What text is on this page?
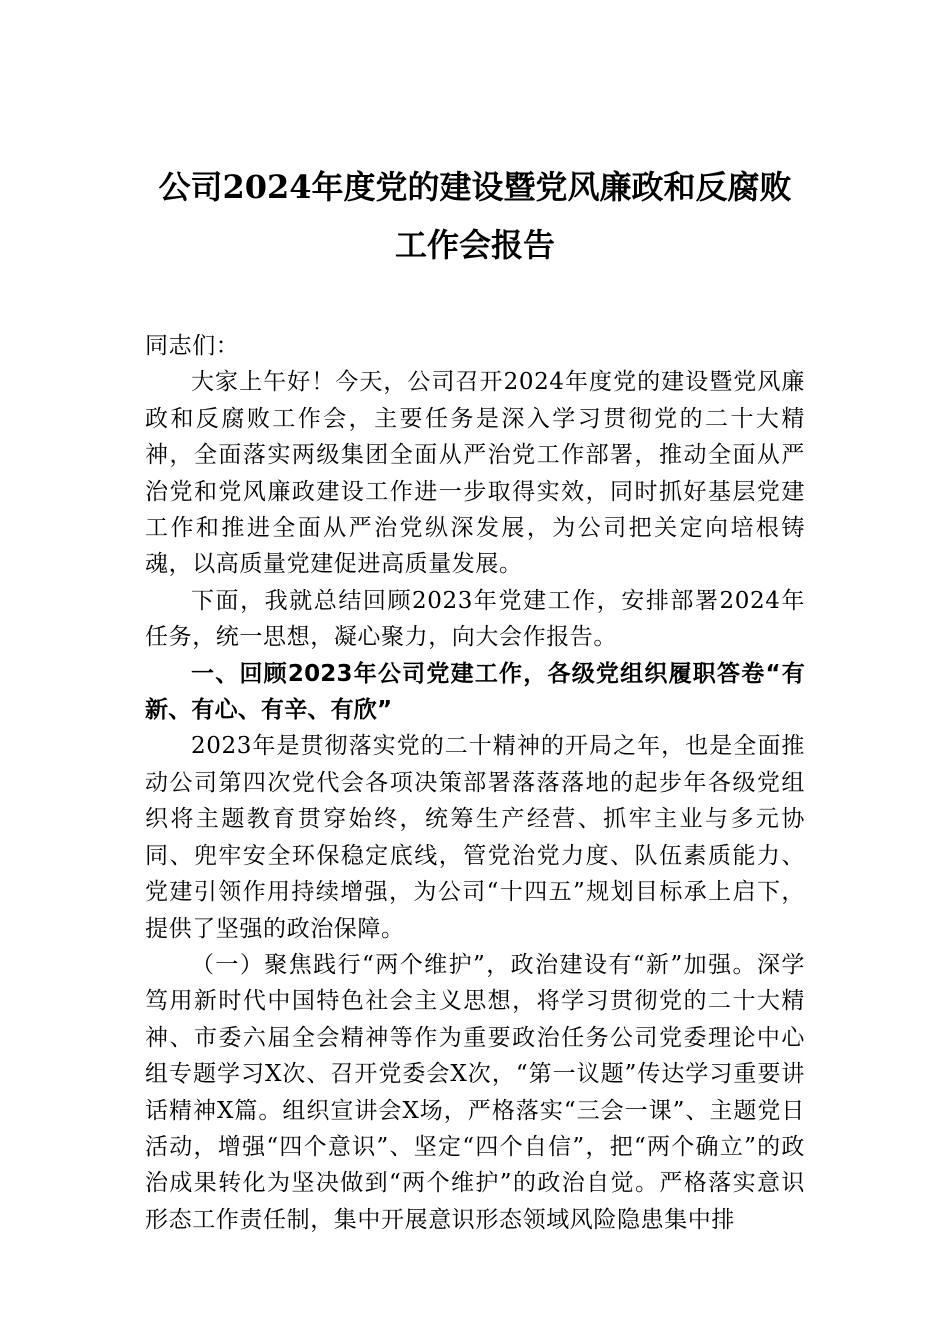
公司2024年度党的建设暨党风廉政和反腐败工作会报告

同志们：

大家上午好！今天，公司召开2024年度党的建设暨党风廉政和反腐败工作会，主要任务是深入学习贯彻党的二十大精神，全面落实两级集团全面从严治党工作部署，推动全面从严治党和党风廉政建设工作进一步取得实效，同时抓好基层党建工作和推进全面从严治党纵深发展，为公司把关定向培根铸魂，以高质量党建促进高质量发展。

下面，我就总结回顾2023年党建工作，安排部署2024年任务，统一思想，凝心聚力，向大会作报告。

一、回顾2023年公司党建工作，各级党组织履职答卷“有新、有心、有辛、有欣”

2023年是贯彻落实党的二十精神的开局之年，也是全面推动公司第四次党代会各项决策部署落落落地的起步年各级党组织将主题教育贯穿始终，统筹生产经营、抓牢主业与多元协同、兜牢安全环保稳定底线，管党治党力度、队伍素质能力、党建引领作用持续增强，为公司“十四五”规划目标承上启下，提供了坚强的政治保障。

（一）聚焦践行“两个维护”，政治建设有“新”加强。深学笃用新时代中国特色社会主义思想，将学习贯彻党的二十大精神、市委六届全会精神等作为重要政治任务公司党委理论中心组专题学习X次、召开党委会X次，“第一议题”传达学习重要讲话精神X篇。组织宣讲会X场，严格落实“三会一课”、主题党日活动，增强“四个意识”、坚定“四个自信”，把“两个确立”的政治成果转化为坚决做到“两个维护”的政治自觉。严格落实意识形态工作责任制，集中开展意识形态领域风险隐患集中排
